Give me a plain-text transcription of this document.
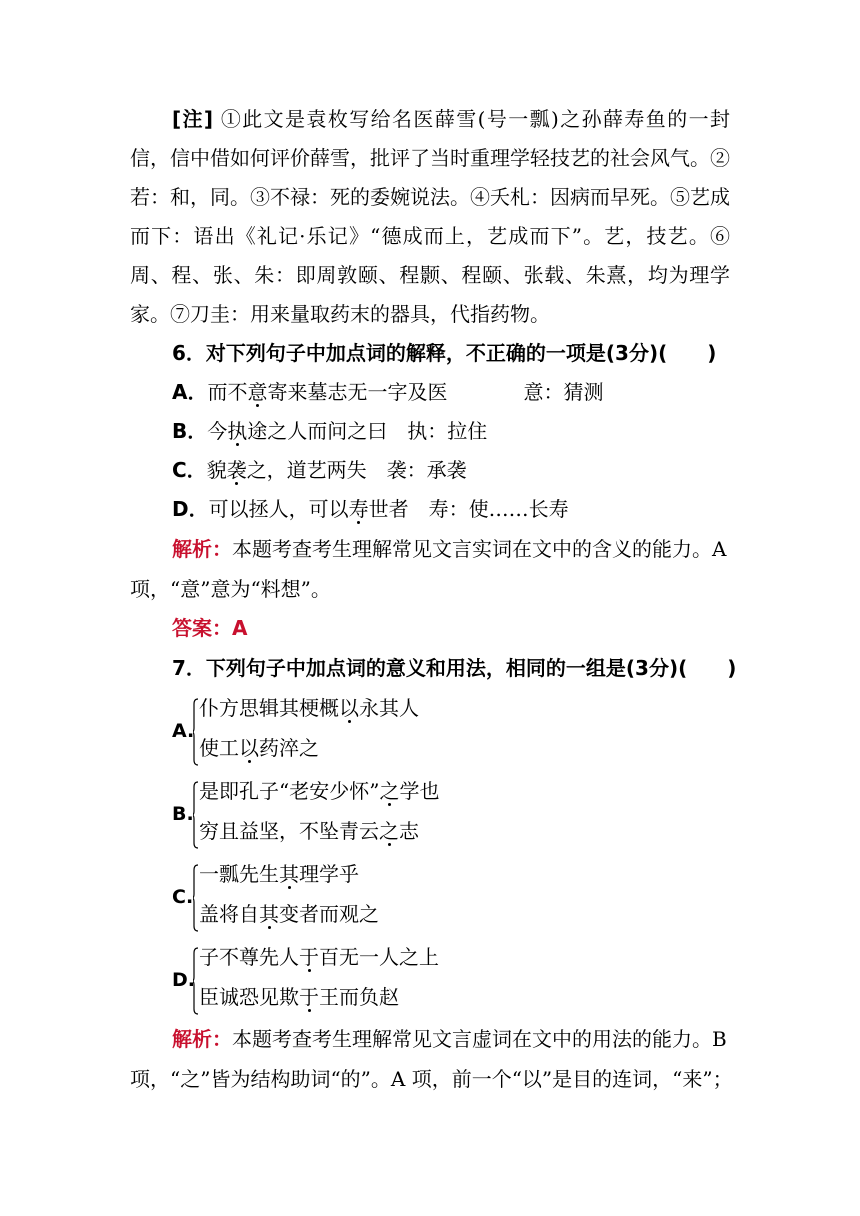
[注] ①此文是袁枚写给名医薛雪(号一瓢)之孙薛寿鱼的一封信，信中借如何评价薛雪，批评了当时重理学轻技艺的社会风气。②若：和，同。③不禄：死的委婉说法。④夭札：因病而早死。⑤艺成而下：语出《礼记·乐记》“德成而上，艺成而下”。艺，技艺。⑥周、程、张、朱：即周敦颐、程颢、程颐、张载、朱熹，均为理学家。⑦刀圭：用来量取药末的器具，代指药物。

6．对下列句子中加点词的解释，不正确的一项是(3分)(　　)

A．而不意寄来墓志无一字及医	意：猜测

B．今执途之人而问之曰 执：拉住

C．貌袭之，道艺两失 袭：承袭

D．可以拯人，可以寿世者 寿：使……长寿

解析：本题考查考生理解常见文言实词在文中的含义的能力。A

项，“意”意为“料想”。

答案：A

7．下列句子中加点词的意义和用法，相同的一组是(3分)(　　)

A.
仆方思辑其梗概以永其人
使工以药淬之
B.
是即孔子“老安少怀”之学也
穷且益坚，不坠青云之志
C.
一瓢先生其理学乎
盖将自其变者而观之
D.
子不尊先人于百无一人之上
臣诚恐见欺于王而负赵

解析：本题考查考生理解常见文言虚词在文中的用法的能力。B

项，“之”皆为结构助词“的”。A 项，前一个“以”是目的连词，“来”；
